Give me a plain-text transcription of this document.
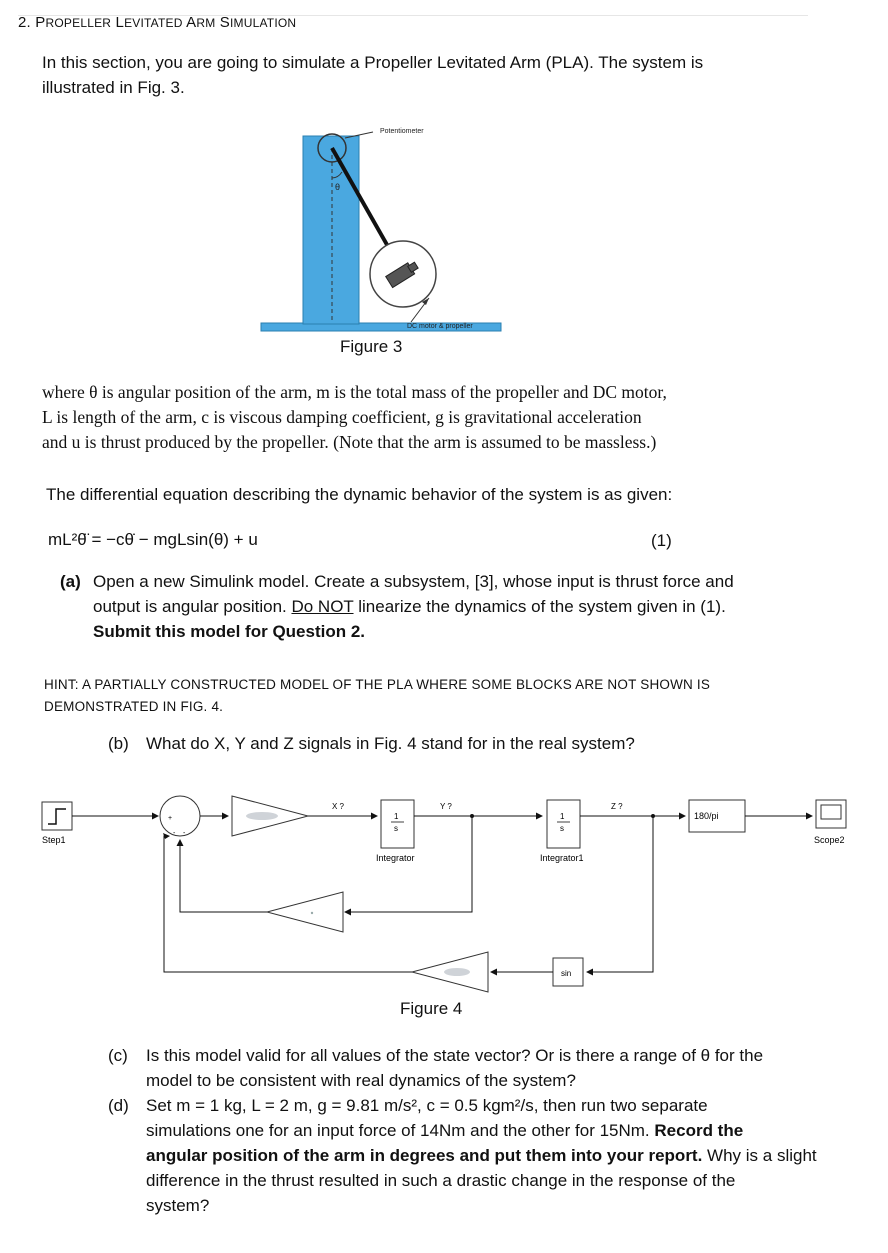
2. PROPELLER LEVITATED ARM SIMULATION

In this section, you are going to simulate a Propeller Levitated Arm (PLA). The system is

illustrated in Fig. 3.

Potentiometer
θ
DC motor & propeller
Figure 3

where θ is angular position of the arm, m is the total mass of the propeller and DC motor,

L is length of the arm, c is viscous damping coefficient, g is gravitational acceleration

and u is thrust produced by the propeller. (Note that the arm is assumed to be massless.)

The differential equation describing the dynamic behavior of the system is as given:

mL²θ̈ = −cθ̇ − mgLsin(θ) + u	(1)

(a) Open a new Simulink model. Create a subsystem, [3], whose input is thrust force and

output is angular position. Do NOT linearize the dynamics of the system given in (1).

Submit this model for Question 2.

HINT: A PARTIALLY CONSTRUCTED MODEL OF THE PLA WHERE SOME BLOCKS ARE NOT SHOWN IS
DEMONSTRATED IN FIG. 4.

(b) What do X, Y and Z signals in Fig. 4 stand for in the real system?

Step1
+
- -
X ?
1
s
Integrator
Y ?
1
s
Integrator1
Z ?
180/pi
Scope2
sin
Figure 4

(c) Is this model valid for all values of the state vector? Or is there a range of θ for the

model to be consistent with real dynamics of the system?

(d) Set m = 1 kg, L = 2 m, g = 9.81 m/s², c = 0.5 kgm²/s, then run two separate

simulations one for an input force of 14Nm and the other for 15Nm. Record the

angular position of the arm in degrees and put them into your report. Why is a slight

difference in the thrust resulted in such a drastic change in the response of the

system?
